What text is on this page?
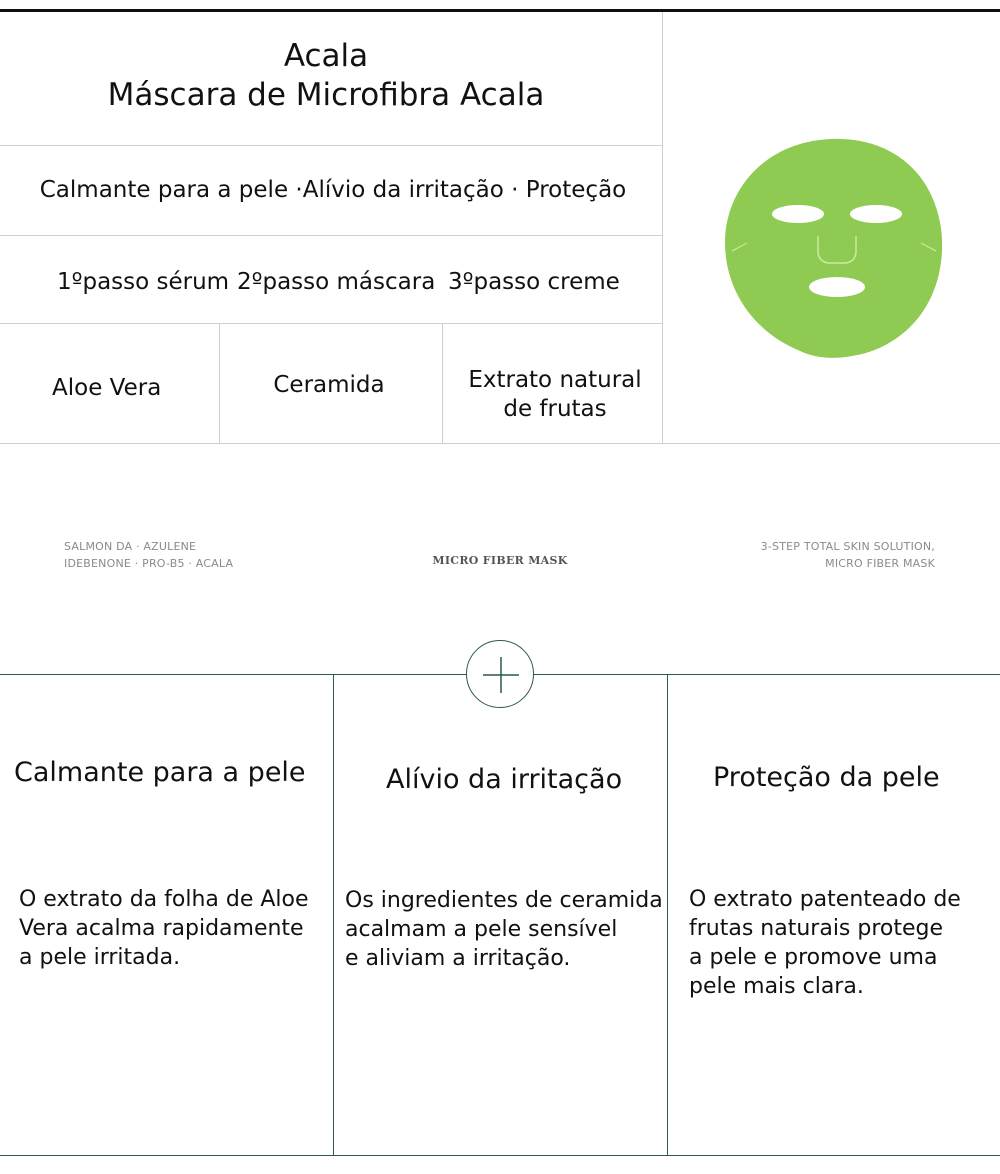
Acala
Máscara de Microfibra Acala
Calmante para a pele ·Alívio da irritação · Proteção
1ºpasso sérum 2ºpasso máscara 3ºpasso creme
Aloe Vera	Ceramida	Extrato natural
de frutas
SALMON DA · AZULENE
IDEBENONE · PRO-B5 · ACALA	MICRO FIBER MASK
3-STEP TOTAL SKIN SOLUTION,
MICRO FIBER MASK
Calmante para a pele	Alívio da irritação	Proteção da pele
O extrato da folha de Aloe
Vera acalma rapidamente
a pele irritada.
Os ingredientes de ceramida
acalmam a pele sensível
e aliviam a irritação.
O extrato patenteado de
frutas naturais protege
a pele e promove uma
pele mais clara.
